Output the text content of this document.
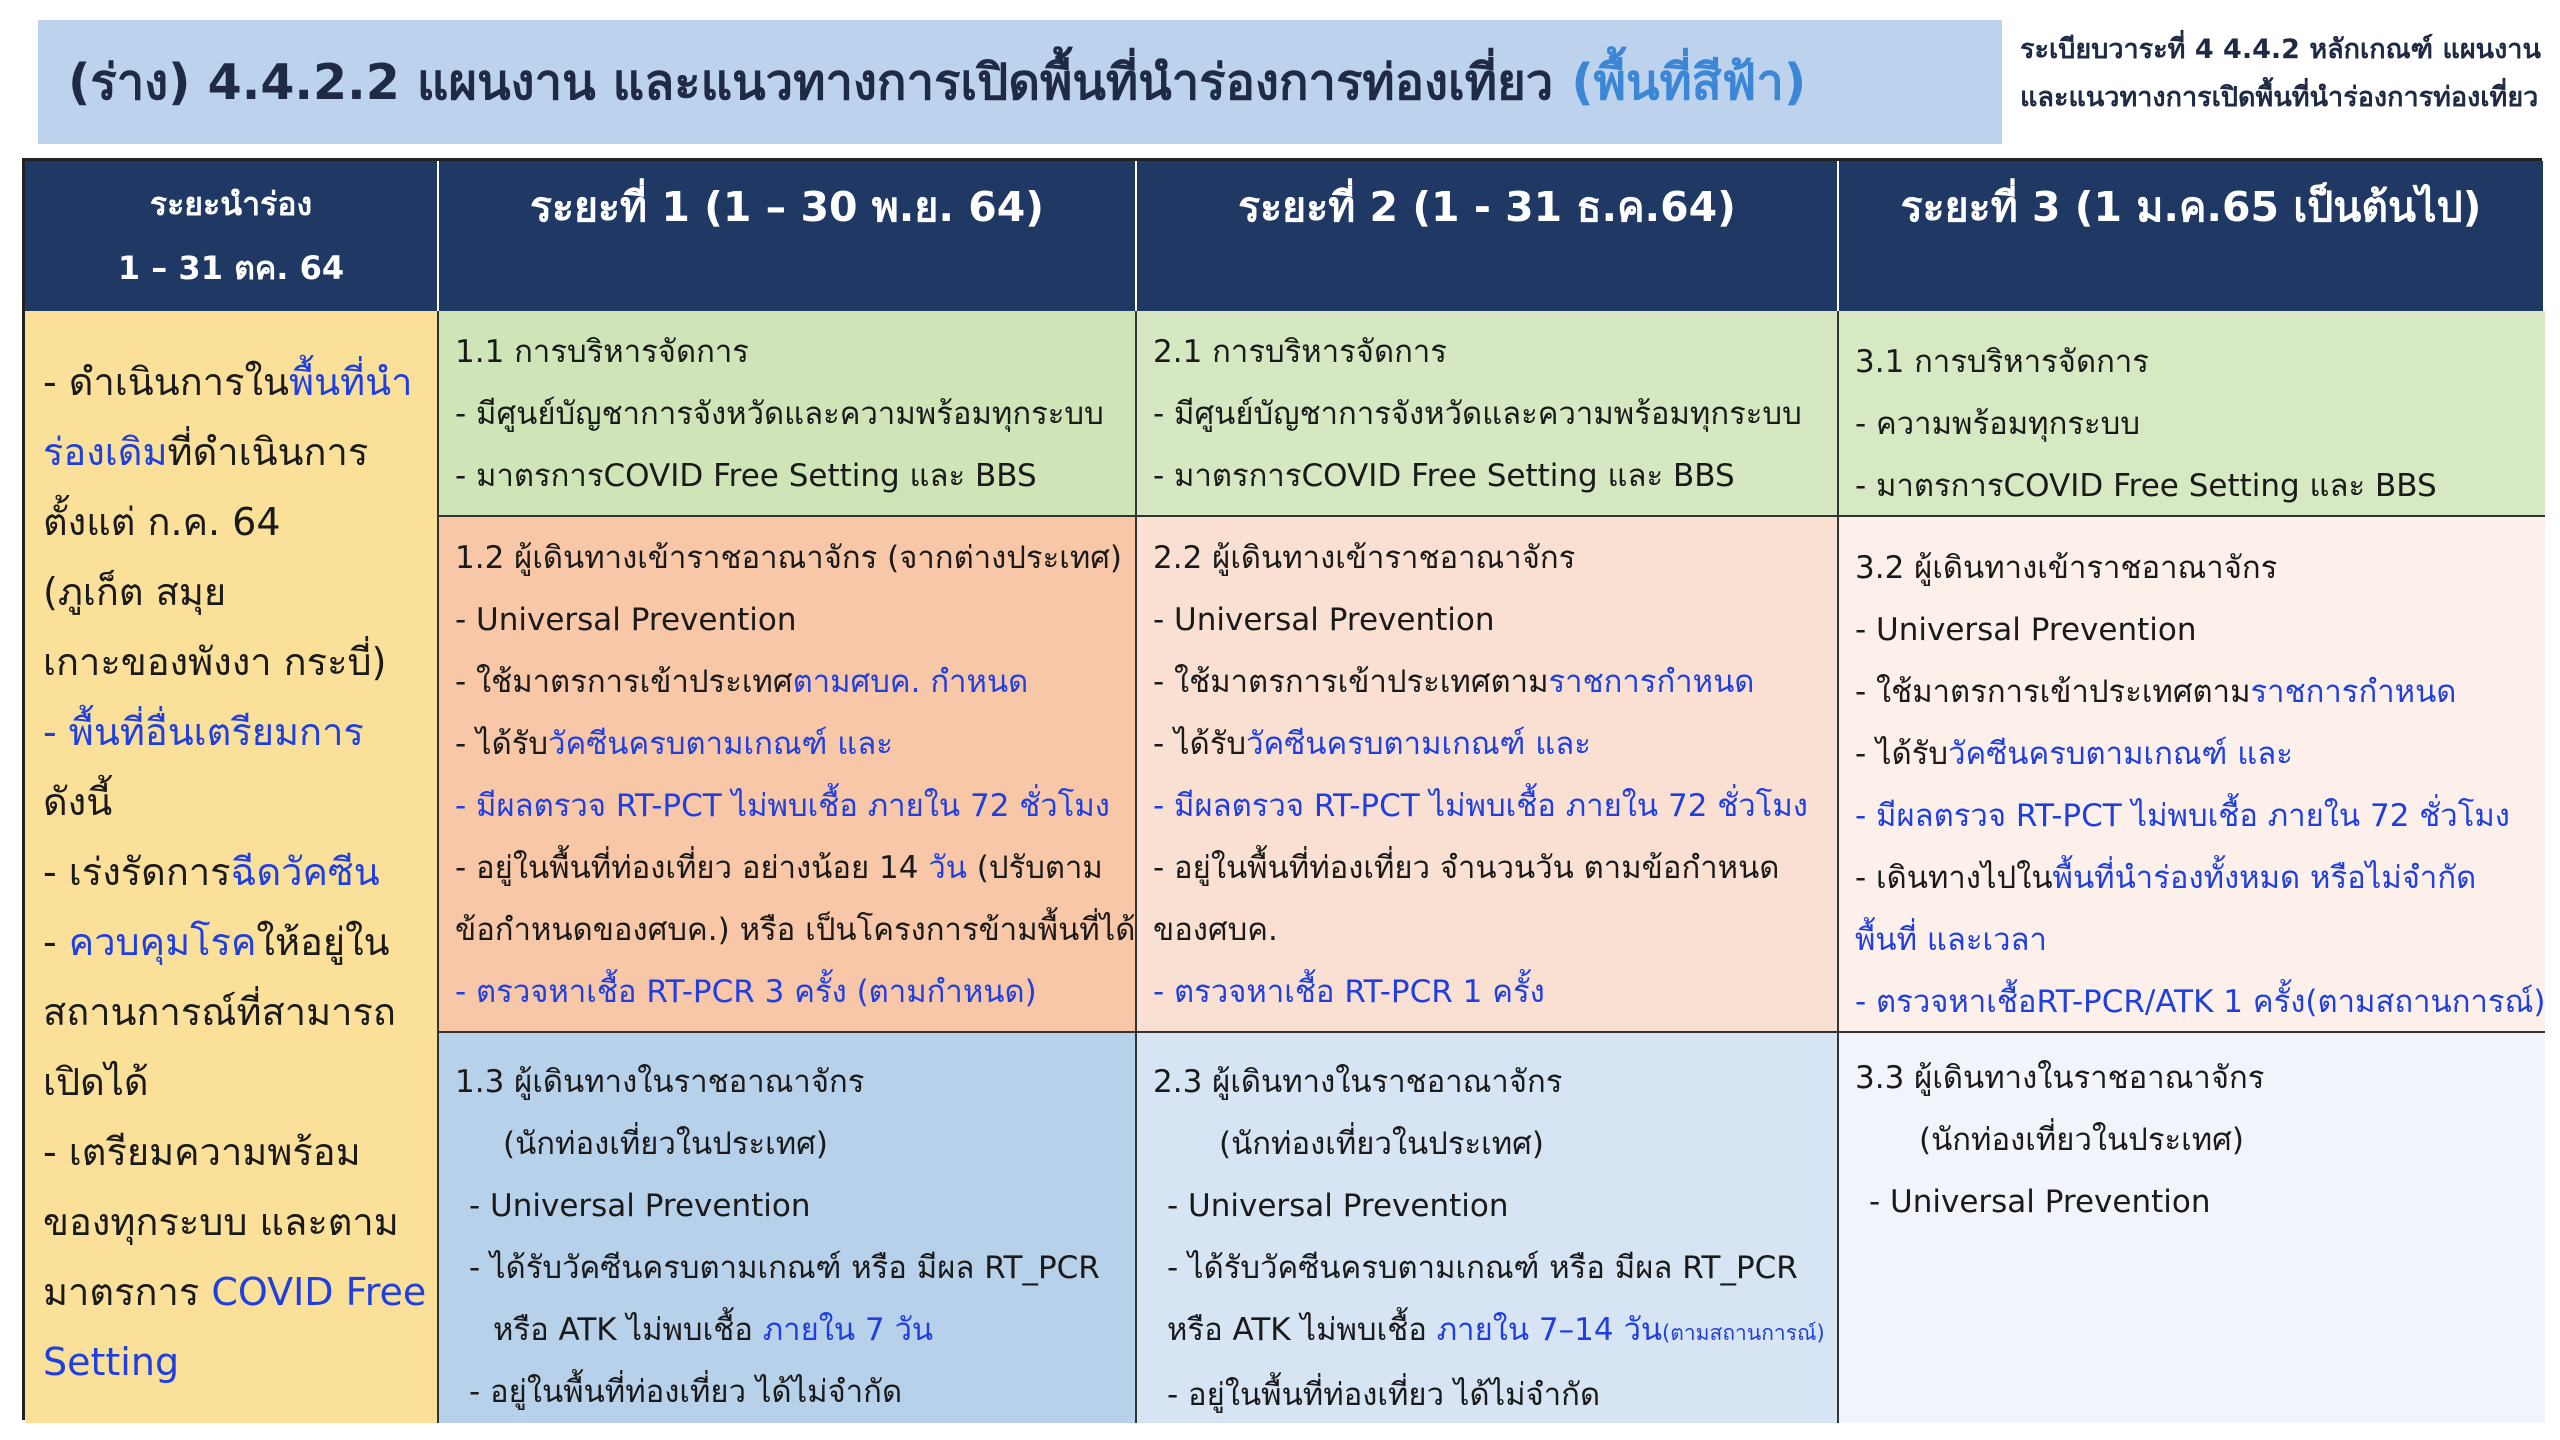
(ร่าง) 4.4.2.2 แผนงาน และแนวทางการเปิดพื้นที่นำร่องการท่องเที่ยว (พื้นที่สีฟ้า)
ระเบียบวาระที่ 4 4.4.2 หลักเกณฑ์ แผนงาน
และแนวทางการเปิดพื้นที่นำร่องการท่องเที่ยว
ระยะนำร่อง
1 – 31 ตค. 64
ระยะที่ 1 (1 – 30 พ.ย. 64)	ระยะที่ 2 (1 - 31 ธ.ค.64)	ระยะที่ 3 (1 ม.ค.65 เป็นต้นไป)

- ดำเนินการในพื้นที่นำ

ร่องเดิมที่ดำเนินการ

ตั้งแต่ ก.ค. 64

(ภูเก็ต สมุย

เกาะของพังงา กระบี่)

- พื้นที่อื่นเตรียมการ

ดังนี้

- เร่งรัดการฉีดวัคซีน

- ควบคุมโรคให้อยู่ใน

สถานการณ์ที่สามารถ

เปิดได้

- เตรียมความพร้อม

ของทุกระบบ และตาม

มาตรการ COVID Free

Setting

1.1 การบริหารจัดการ

- มีศูนย์บัญชาการจังหวัดและความพร้อมทุกระบบ

- มาตรการCOVID Free Setting และ BBS

2.1 การบริหารจัดการ

- มีศูนย์บัญชาการจังหวัดและความพร้อมทุกระบบ

- มาตรการCOVID Free Setting และ BBS

3.1 การบริหารจัดการ

- ความพร้อมทุกระบบ

- มาตรการCOVID Free Setting และ BBS

1.2 ผู้เดินทางเข้าราชอาณาจักร (จากต่างประเทศ)

- Universal Prevention

- ใช้มาตรการเข้าประเทศตามศบค. กำหนด

- ได้รับวัคซีนครบตามเกณฑ์ และ

- มีผลตรวจ RT-PCT ไม่พบเชื้อ ภายใน 72 ชั่วโมง

- อยู่ในพื้นที่ท่องเที่ยว อย่างน้อย 14 วัน (ปรับตาม

ข้อกำหนดของศบค.) หรือ เป็นโครงการข้ามพื้นที่ได้

- ตรวจหาเชื้อ RT-PCR 3 ครั้ง (ตามกำหนด)

2.2 ผู้เดินทางเข้าราชอาณาจักร

- Universal Prevention

- ใช้มาตรการเข้าประเทศตามราชการกำหนด

- ได้รับวัคซีนครบตามเกณฑ์ และ

- มีผลตรวจ RT-PCT ไม่พบเชื้อ ภายใน 72 ชั่วโมง

- อยู่ในพื้นที่ท่องเที่ยว จำนวนวัน ตามข้อกำหนด

ของศบค.

- ตรวจหาเชื้อ RT-PCR 1 ครั้ง

3.2 ผู้เดินทางเข้าราชอาณาจักร

- Universal Prevention

- ใช้มาตรการเข้าประเทศตามราชการกำหนด

- ได้รับวัคซีนครบตามเกณฑ์ และ

- มีผลตรวจ RT-PCT ไม่พบเชื้อ ภายใน 72 ชั่วโมง

- เดินทางไปในพื้นที่นำร่องทั้งหมด หรือไม่จำกัด

พื้นที่ และเวลา

- ตรวจหาเชื้อRT-PCR/ATK 1 ครั้ง(ตามสถานการณ์)

1.3 ผู้เดินทางในราชอาณาจักร

(นักท่องเที่ยวในประเทศ)

- Universal Prevention

- ได้รับวัคซีนครบตามเกณฑ์ หรือ มีผล RT_PCR

หรือ ATK ไม่พบเชื้อ ภายใน 7 วัน

- อยู่ในพื้นที่ท่องเที่ยว ได้ไม่จำกัด

2.3 ผู้เดินทางในราชอาณาจักร

(นักท่องเที่ยวในประเทศ)

- Universal Prevention

- ได้รับวัคซีนครบตามเกณฑ์ หรือ มีผล RT_PCR

หรือ ATK ไม่พบเชื้อ ภายใน 7–14 วัน(ตามสถานการณ์)

- อยู่ในพื้นที่ท่องเที่ยว ได้ไม่จำกัด

3.3 ผู้เดินทางในราชอาณาจักร

(นักท่องเที่ยวในประเทศ)

- Universal Prevention
